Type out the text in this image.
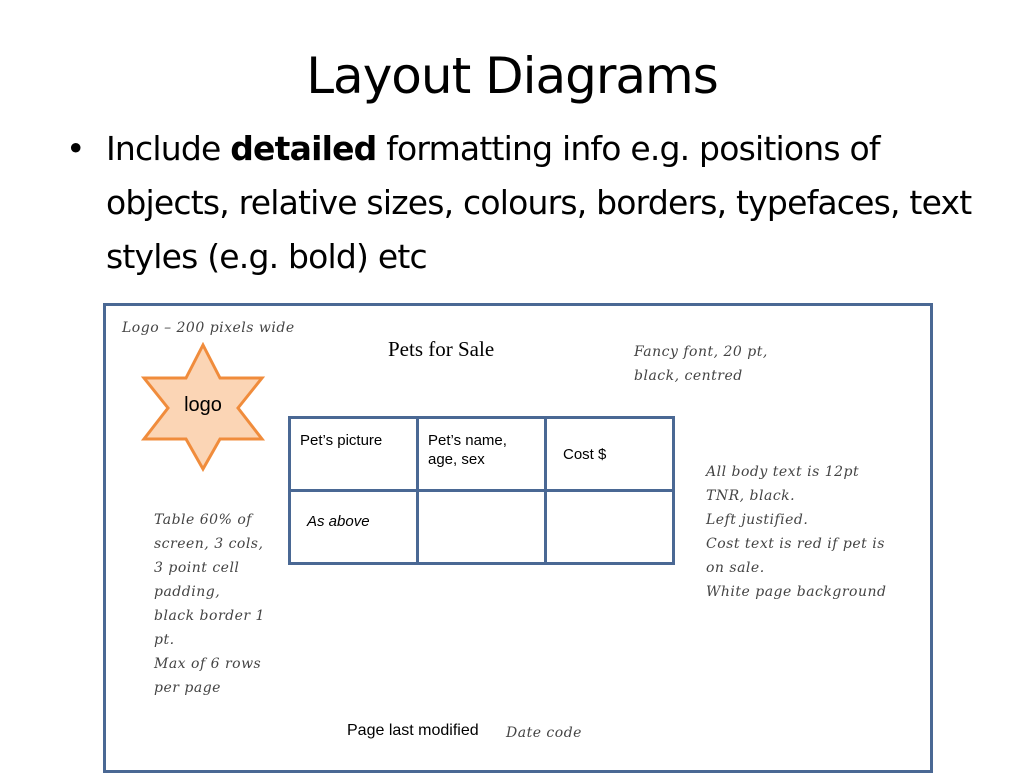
Layout Diagrams
• Include detailed formatting info e.g. positions of objects, relative sizes, colours, borders, typefaces, text styles (e.g. bold) etc
Logo – 200 pixels wide
logo
Pets for Sale	Fancy font, 20 pt,
black, centred
Pet’s picture	Pet’s name, age, sex	Cost $
As above		
Table 60% of
screen, 3 cols,
3 point cell
padding,
black border 1
pt.
Max of 6 rows
per page
All body text is 12pt
TNR, black.
Left justified.
Cost text is red if pet is
on sale.
White page background
Page last modified Date code
